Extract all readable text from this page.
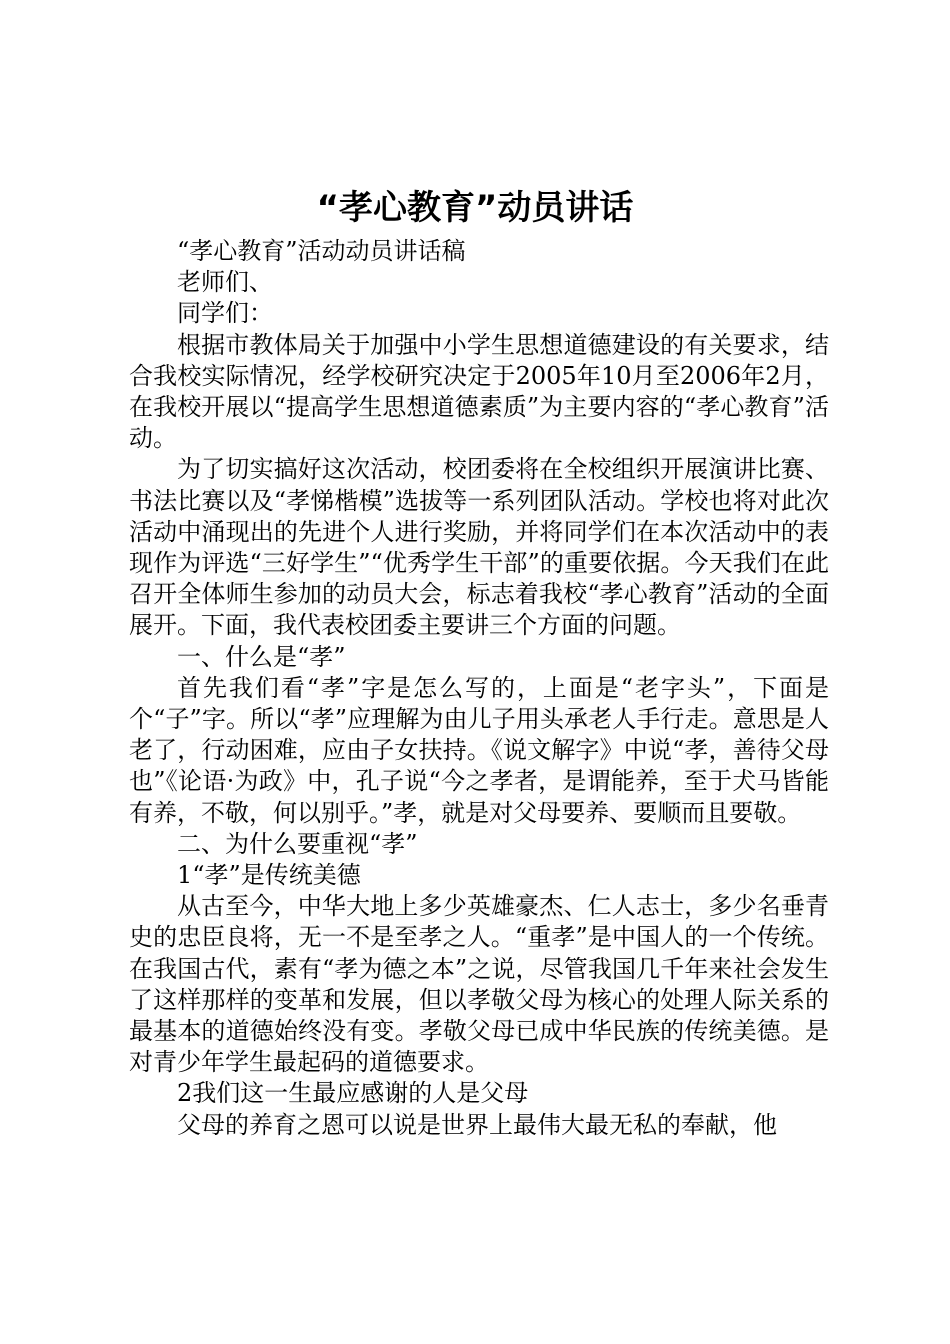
“孝心教育”动员讲话

“孝心教育”活动动员讲话稿

老师们、

同学们：

根据市教体局关于加强中小学生思想道德建设的有关要求，结合我校实际情况，经学校研究决定于2005年10月至2006年2月，在我校开展以“提高学生思想道德素质”为主要内容的“孝心教育”活动。

为了切实搞好这次活动，校团委将在全校组织开展演讲比赛、书法比赛以及“孝悌楷模”选拔等一系列团队活动。学校也将对此次活动中涌现出的先进个人进行奖励，并将同学们在本次活动中的表现作为评选“三好学生”“优秀学生干部”的重要依据。今天我们在此召开全体师生参加的动员大会，标志着我校“孝心教育”活动的全面展开。下面，我代表校团委主要讲三个方面的问题。

一、什么是“孝”

首先我们看“孝”字是怎么写的，上面是“老字头”，下面是个“子”字。所以“孝”应理解为由儿子用头承老人手行走。意思是人老了，行动困难，应由子女扶持。《说文解字》中说“孝，善待父母也”《论语·为政》中，孔子说“今之孝者，是谓能养，至于犬马皆能有养，不敬，何以别乎。”孝，就是对父母要养、要顺而且要敬。

二、为什么要重视“孝”

1“孝”是传统美德

从古至今，中华大地上多少英雄豪杰、仁人志士，多少名垂青史的忠臣良将，无一不是至孝之人。“重孝”是中国人的一个传统。在我国古代，素有“孝为德之本”之说，尽管我国几千年来社会发生了这样那样的变革和发展，但以孝敬父母为核心的处理人际关系的最基本的道德始终没有变。孝敬父母已成中华民族的传统美德。是对青少年学生最起码的道德要求。

2我们这一生最应感谢的人是父母

父母的养育之恩可以说是世界上最伟大最无私的奉献，他
